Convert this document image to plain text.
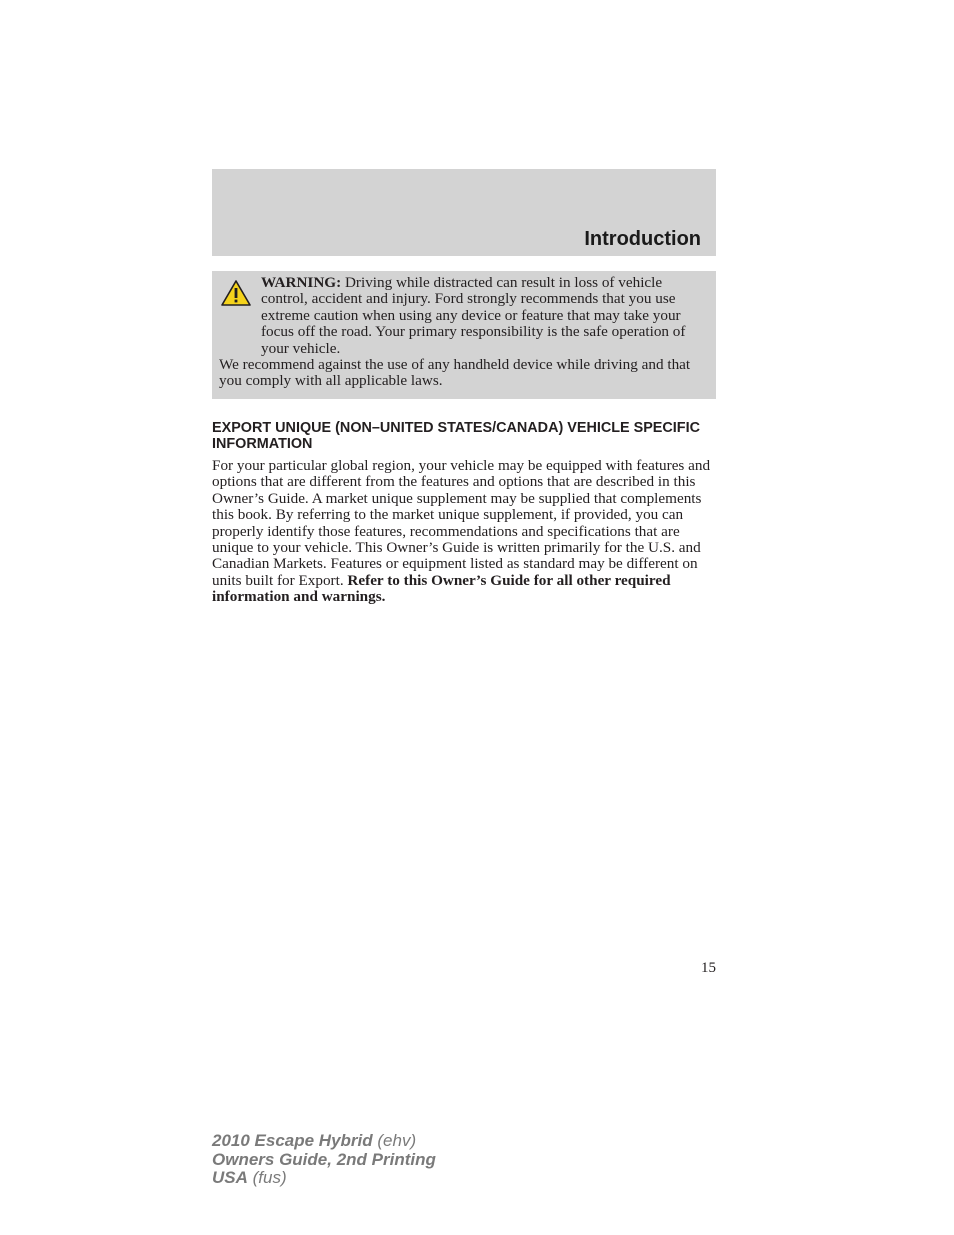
Introduction

WARNING: Driving while distracted can result in loss of vehicle control, accident and injury. Ford strongly recommends that you use extreme caution when using any device or feature that may take your focus off the road. Your primary responsibility is the safe operation of your vehicle.

We recommend against the use of any handheld device while driving and that you comply with all applicable laws.

EXPORT UNIQUE (NON–UNITED STATES/CANADA) VEHICLE SPECIFIC INFORMATION

For your particular global region, your vehicle may be equipped with features and options that are different from the features and options that are described in this Owner’s Guide. A market unique supplement may be supplied that complements this book. By referring to the market unique supplement, if provided, you can properly identify those features, recommendations and specifications that are unique to your vehicle. This Owner’s Guide is written primarily for the U.S. and Canadian Markets. Features or equipment listed as standard may be different on units built for Export. Refer to this Owner’s Guide for all other required information and warnings.

15

2010 Escape Hybrid (ehv)
Owners Guide, 2nd Printing
USA (fus)
